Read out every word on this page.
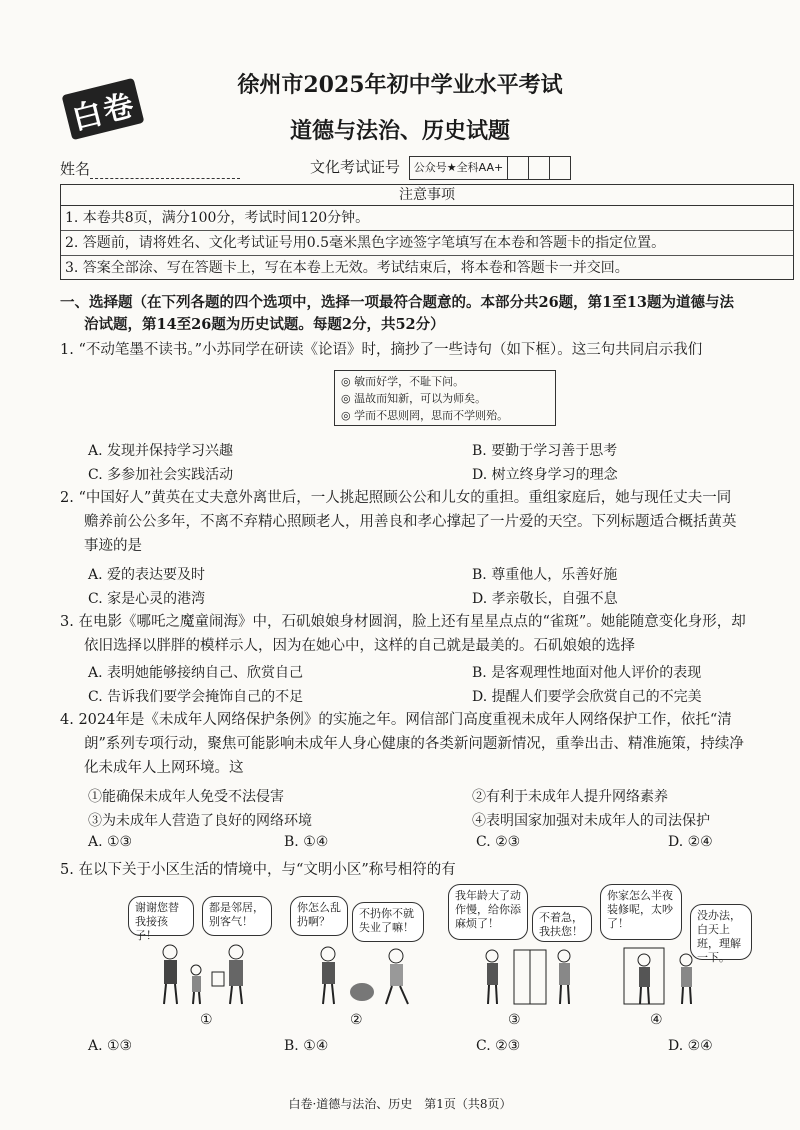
白卷
徐州市2025年初中学业水平考试
道德与法治、历史试题
姓名	文化考试证号	公众号★全科AA+
注意事项
1. 本卷共8页，满分100分，考试时间120分钟。
2. 答题前，请将姓名、文化考试证号用0.5毫米黑色字迹签字笔填写在本卷和答题卡的指定位置。
3. 答案全部涂、写在答题卡上，写在本卷上无效。考试结束后，将本卷和答题卡一并交回。
一、选择题（在下列各题的四个选项中，选择一项最符合题意的。本部分共26题，第1至13题为道德与法
治试题，第14至26题为历史试题。每题2分，共52分）
1. “不动笔墨不读书。”小苏同学在研读《论语》时，摘抄了一些诗句（如下框）。这三句共同启示我们
◎ 敏而好学，不耻下问。
◎ 温故而知新，可以为师矣。
◎ 学而不思则罔，思而不学则殆。
A. 发现并保持学习兴趣	B. 要勤于学习善于思考
C. 多参加社会实践活动	D. 树立终身学习的理念
2. “中国好人”黄英在丈夫意外离世后，一人挑起照顾公公和儿女的重担。重组家庭后，她与现任丈夫一同
赡养前公公多年，不离不弃精心照顾老人，用善良和孝心撑起了一片爱的天空。下列标题适合概括黄英
事迹的是
A. 爱的表达要及时	B. 尊重他人，乐善好施
C. 家是心灵的港湾	D. 孝亲敬长，自强不息
3. 在电影《哪吒之魔童闹海》中，石矶娘娘身材圆润，脸上还有星星点点的“雀斑”。她能随意变化身形，却
依旧选择以胖胖的模样示人，因为在她心中，这样的自己就是最美的。石矶娘娘的选择
A. 表明她能够接纳自己、欣赏自己	B. 是客观理性地面对他人评价的表现
C. 告诉我们要学会掩饰自己的不足	D. 提醒人们要学会欣赏自己的不完美
4. 2024年是《未成年人网络保护条例》的实施之年。网信部门高度重视未成年人网络保护工作，依托“清
朗”系列专项行动，聚焦可能影响未成年人身心健康的各类新问题新情况，重拳出击、精准施策，持续净
化未成年人上网环境。这
①能确保未成年人免受不法侵害	②有利于未成年人提升网络素养
③为未成年人营造了良好的网络环境	④表明国家加强对未成年人的司法保护
A. ①③	B. ①④	C. ②③	D. ②④
5. 在以下关于小区生活的情境中，与“文明小区”称号相符的有
谢谢您替我接孩子！
都是邻居，别客气！
①
你怎么乱扔啊？
不扔你不就失业了嘛！
②
我年龄大了动作慢，给你添麻烦了！	不着急，我扶您！
③
你家怎么半夜装修呢，太吵了！
没办法，白天上班，理解一下。
④
A. ①③	B. ①④	C. ②③	D. ②④
白卷·道德与法治、历史　第1页（共8页）
